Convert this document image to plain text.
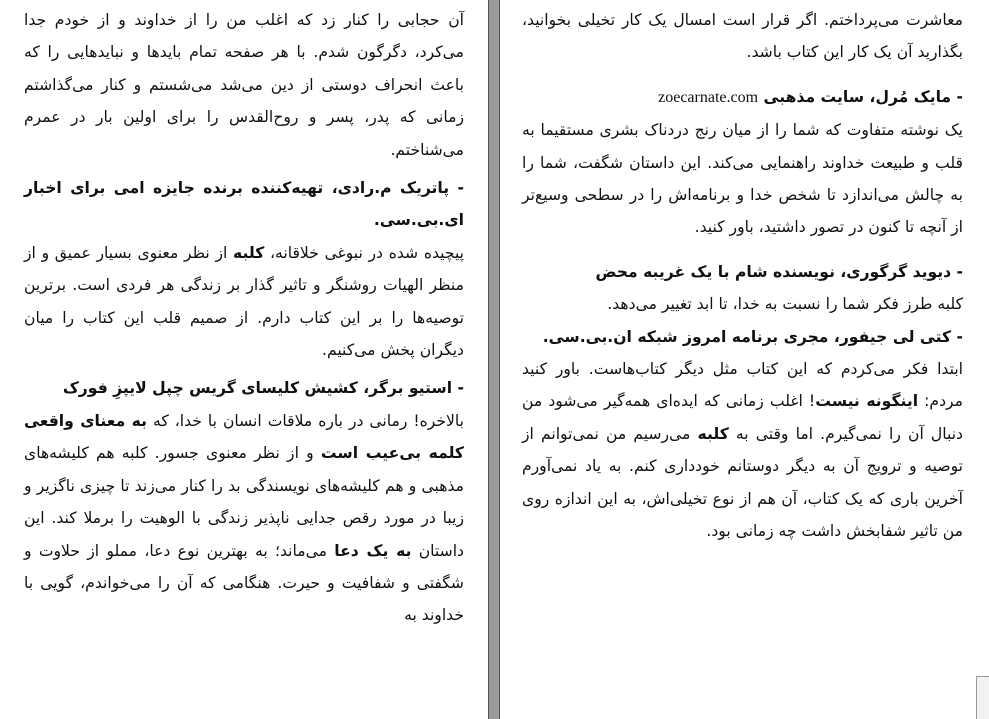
آن حجابی را کنار زد که اغلب من را از خداوند و از خودم جدا می‌کرد، دگرگون شدم. با هر صفحه تمام بایدها و نبایدهایی را که باعث انحراف دوستی از دین می‌شد می‌شستم و کنار می‌گذاشتم زمانی که پدر، پسر و روح‌القدس را برای اولین بار در عمرم می‌شناختم.

- پاتریک م.رادی، تهیه‌کننده برنده جایزه امی برای اخبار ای.بی.سی.

پیچیده شده در نبوغی خلاقانه، کلبه از نظر معنوی بسیار عمیق و از منظر الهیات روشنگر و تاثیر گذار بر زندگی هر فردی است. برترین توصیه‌ها را بر این کتاب دارم. از صمیم قلب این کتاب را میان دیگران پخش می‌کنیم.

- استیو برگر، کشیش کلیسای گریس چپل لایپزِ فورک

بالاخره! رمانی در باره ملاقات انسان با خدا، که به معنای واقعی کلمه بی‌عیب است و از نظر معنوی جسور. کلبه هم کلیشه‌های مذهبی و هم کلیشه‌های نویسندگی بد را کنار می‌زند تا چیزی ناگزیر و زیبا در مورد رقص جدایی ناپذیر زندگی با الوهیت را برملا کند. این داستان به یک دعا می‌ماند؛ به بهترین نوع دعا، مملو از حلاوت و شگفتی و شفافیت و حیرت. هنگامی که آن را می‌خواندم، گویی با خداوند به

معاشرت می‌پرداختم. اگر قرار است امسال یک کار تخیلی بخوانید، بگذارید آن یک کار این کتاب باشد.

- مایک مُرل، سایت مذهبی zoecarnate.com

یک نوشته متفاوت که شما را از میان رنج دردناک بشری مستقیما به قلب و طبیعت خداوند راهنمایی می‌کند. این داستان شگفت، شما را به چالش می‌اندازد تا شخص خدا و برنامه‌اش را در سطحی وسیع‌تر از آنچه تا کنون در تصور داشتید، باور کنید.

- دیوید گرگوری، نویسنده شام با یک غریبه محض

کلبه طرز فکر شما را نسبت به خدا، تا ابد تغییر می‌دهد.

- کتی لی جیفور، مجری برنامه امروز شبکه ان.بی.سی.

ابتدا فکر می‌کردم که این کتاب مثل دیگر کتاب‌هاست. باور کنید مردم: اینگونه نیست! اغلب زمانی که ایده‌ای همه‌گیر می‌شود من دنبال آن را نمی‌گیرم. اما وقتی به کلبه می‌رسیم من نمی‌توانم از توصیه و ترویج آن به دیگر دوستانم خودداری کنم. به یاد نمی‌آورم آخرین باری که یک کتاب، آن هم از نوع تخیلی‌اش، به این اندازه روی من تاثیر شفابخش داشت چه زمانی بود.
